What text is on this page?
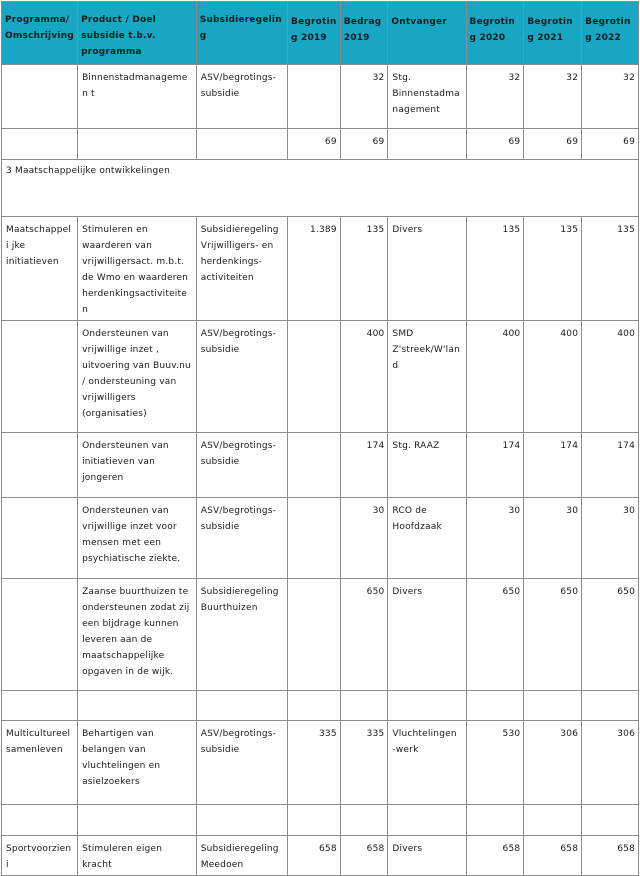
Programma/ Omschrijving	Product / Doel subsidie t.b.v. programma	Subsidieregeling	Begroting 2019	Bedrag 2019	Ontvanger	Begroting 2020	Begroting 2021	Begroting 2022
	Binnenstadmanagemen t	ASV/begrotings-subsidie		32	Stg. Binnenstadma nagement	32	32	32
			69	69		69	69	69
3 Maatschappelijke ontwikkelingen								
Maatschappeli jke initiatieven	Stimuleren en waarderen van vrijwilligersact. m.b.t. de Wmo en waarderen herdenkingsactiviteiten	Subsidieregeling Vrijwilligers- en herdenkings-activiteiten	1.389	135	Divers	135	135	135
	Ondersteunen van vrijwillige inzet , uitvoering van Buuv.nu / ondersteuning van vrijwilligers (organisaties)	ASV/begrotings-subsidie		400	SMD Z'streek/W'lan d	400	400	400
	Ondersteunen van initiatieven van jongeren	ASV/begrotings-subsidie		174	Stg. RAAZ	174	174	174
	Ondersteunen van vrijwillige inzet voor mensen met een psychiatische ziekte.	ASV/begrotings-subsidie		30	RCO de Hoofdzaak	30	30	30
	Zaanse buurthuizen te ondersteunen zodat zij een bijdrage kunnen leveren aan de maatschappelijke opgaven in de wijk.	Subsidieregeling Buurthuizen		650	Divers	650	650	650

Multicultureel samenleven	Behartigen van belangen van vluchtelingen en asielzoekers	ASV/begrotings-subsidie	335	335	Vluchtelingen -werk	530	306	306

Sportvoorzieni	Stimuleren eigen kracht	Subsidieregeling Meedoen	658	658	Divers	658	658	658
